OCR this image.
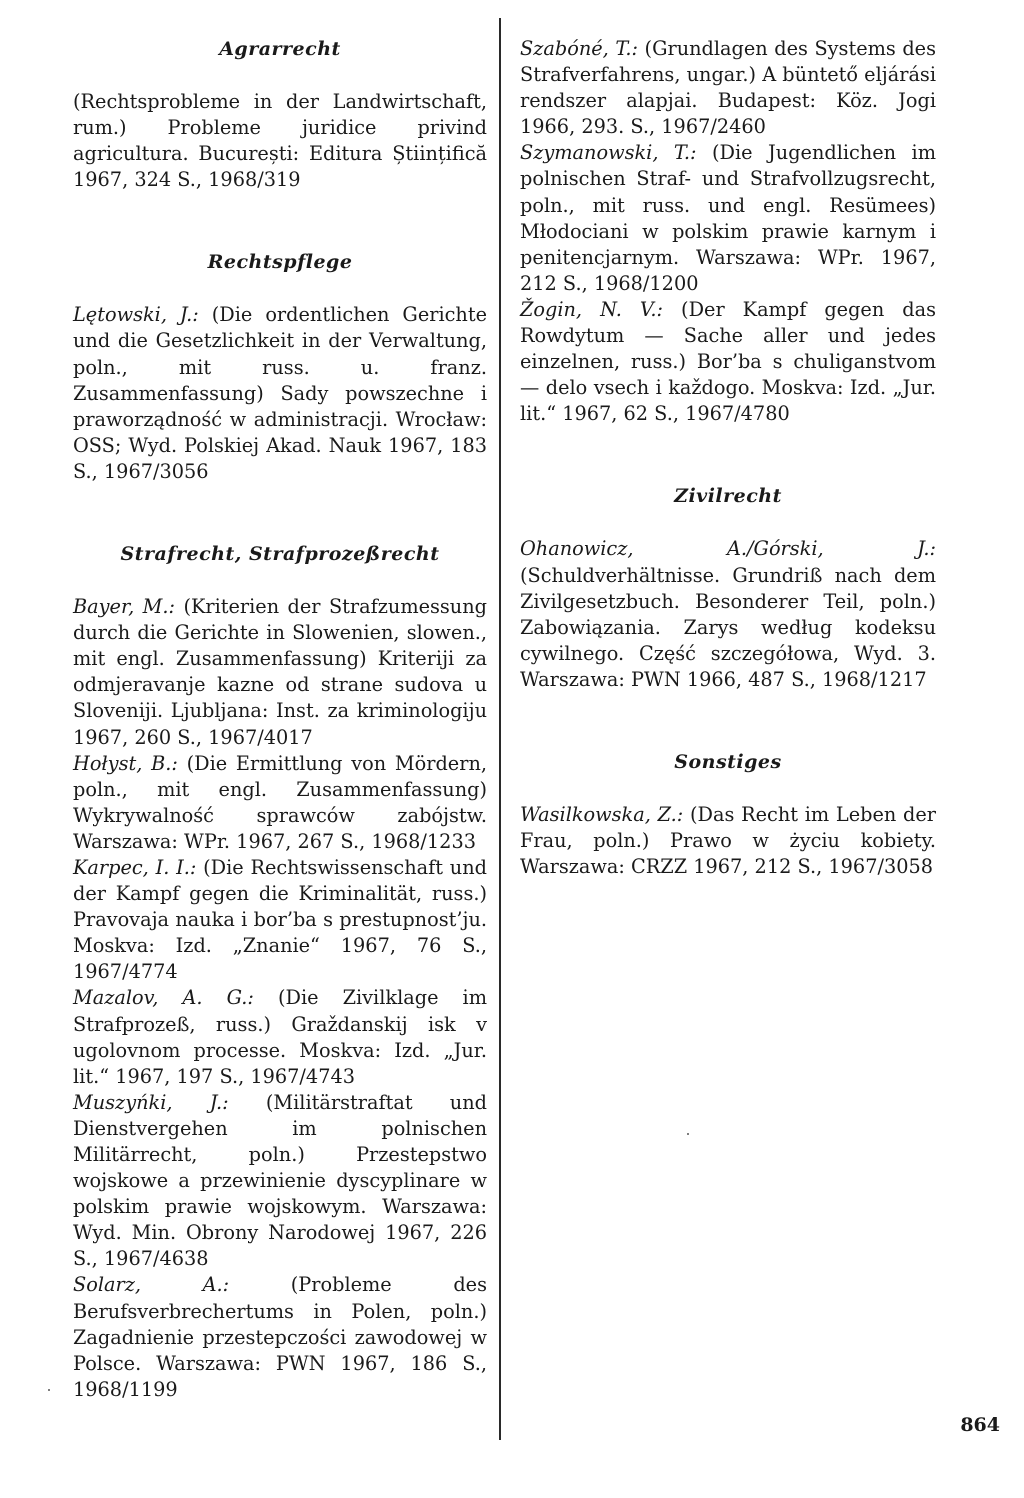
Agrarrecht

(Rechtsprobleme in der Landwirtschaft, rum.) Probleme juridice privind agricultura. București: Editura Științifică 1967, 324 S., 1968/319

Rechtspflege

Lętowski, J.: (Die ordentlichen Gerichte und die Gesetzlichkeit in der Verwaltung, poln., mit russ. u. franz. Zusammenfassung) Sady powszechne i praworządność w administracji. Wrocław: OSS; Wyd. Polskiej Akad. Nauk 1967, 183 S., 1967/3056

Strafrecht, Strafprozeßrecht

Bayer, M.: (Kriterien der Strafzumessung durch die Gerichte in Slowenien, slowen., mit engl. Zusammenfassung) Kriteriji za odmjeravanje kazne od strane sudova u Sloveniji. Ljubljana: Inst. za kriminologiju 1967, 260 S., 1967/4017

Hołyst, B.: (Die Ermittlung von Mördern, poln., mit engl. Zusammenfassung) Wykrywalność sprawców zabójstw. Warszawa: WPr. 1967, 267 S., 1968/1233

Karpec, I. I.: (Die Rechtswissenschaft und der Kampf gegen die Kriminalität, russ.) Pravovaja nauka i bor’ba s prestupnost’ju. Moskva: Izd. „Znanie“ 1967, 76 S., 1967/4774

Mazalov, A. G.: (Die Zivilklage im Strafprozeß, russ.) Graždanskij isk v ugolovnom processe. Moskva: Izd. „Jur. lit.“ 1967, 197 S., 1967/4743

Muszyńki, J.: (Militärstraftat und Dienstvergehen im polnischen Militärrecht, poln.) Przestepstwo wojskowe a przewinienie dyscyplinare w polskim prawie wojskowym. Warszawa: Wyd. Min. Obrony Narodowej 1967, 226 S., 1967/4638

Solarz, A.:	(Probleme des Berufsverbrechertums in Polen, poln.) Zagadnienie przestepczości zawodowej w Polsce. Warszawa: PWN 1967, 186 S., 1968/1199

Szabóné, T.: (Grundlagen des Systems des Strafverfahrens, ungar.) A büntető eljárási rendszer alapjai. Budapest: Köz. Jogi 1966, 293. S., 1967/2460

Szymanowski, T.: (Die Jugendlichen im polnischen Straf- und Strafvollzugsrecht, poln., mit russ. und engl. Resümees) Młodociani w polskim prawie karnym i penitencjarnym. Warszawa: WPr. 1967, 212 S., 1968/1200

Žogin, N. V.: (Der Kampf gegen das Rowdytum — Sache aller und jedes einzelnen, russ.) Bor’ba s chuliganstvom — delo vsech i každogo. Moskva: Izd. „Jur. lit.“ 1967, 62 S., 1967/4780

Zivilrecht

Ohanowicz, A./Górski, J.: (Schuldverhältnisse. Grundriß nach dem Zivilgesetzbuch. Besonderer Teil, poln.) Zabowiązania. Zarys według kodeksu cywilnego. Część szczegółowa, Wyd. 3. Warszawa: PWN 1966, 487 S., 1968/1217

Sonstiges

Wasilkowska, Z.: (Das Recht im Leben der Frau, poln.) Prawo w życiu kobiety. Warszawa: CRZZ 1967, 212 S., 1967/3058

864
